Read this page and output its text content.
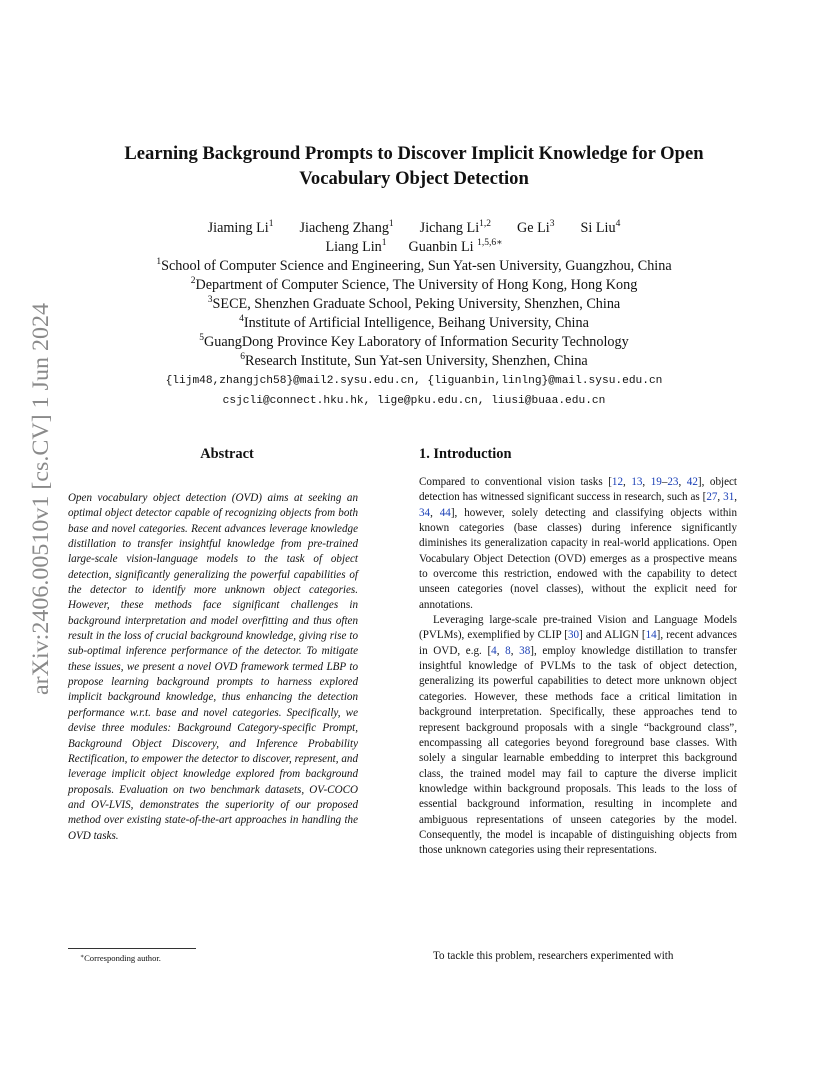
arXiv:2406.00510v1 [cs.CV] 1 Jun 2024
Learning Background Prompts to Discover Implicit Knowledge for Open
Vocabulary Object Detection
Jiaming Li$^1$ Jiacheng Zhang$^1$ Jichang Li$^{1,2}$ Ge Li$^3$ Si Liu$^4$
Liang Lin$^1$ Guanbin Li $^{1,5,6∗}$
$^1$School of Computer Science and Engineering, Sun Yat-sen University, Guangzhou, China
$^2$Department of Computer Science, The University of Hong Kong, Hong Kong
$^3$SECE, Shenzhen Graduate School, Peking University, Shenzhen, China
$^4$Institute of Artificial Intelligence, Beihang University, China
$^5$GuangDong Province Key Laboratory of Information Security Technology
$^6$Research Institute, Sun Yat-sen University, Shenzhen, China
{lijm48,zhangjch58}@mail2.sysu.edu.cn, {liguanbin,linlng}@mail.sysu.edu.cn
csjcli@connect.hku.hk, lige@pku.edu.cn, liusi@buaa.edu.cn
Abstract
Open vocabulary object detection (OVD) aims at seeking an optimal object detector capable of recognizing objects from both base and novel categories. Recent advances leverage knowledge distillation to transfer insightful knowledge from pre-trained large-scale vision-language models to the task of object detection, significantly generalizing the powerful capabilities of the detector to identify more unknown object categories. However, these methods face significant challenges in background interpretation and model overfitting and thus often result in the loss of crucial background knowledge, giving rise to sub-optimal inference performance of the detector. To mitigate these issues, we present a novel OVD framework termed LBP to propose learning background prompts to harness explored implicit background knowledge, thus enhancing the detection performance w.r.t. base and novel categories. Specifically, we devise three modules: Background Category-specific Prompt, Background Object Discovery, and Inference Probability Rectification, to empower the detector to discover, represent, and leverage implicit object knowledge explored from background proposals. Evaluation on two benchmark datasets, OV-COCO and OV-LVIS, demonstrates the superiority of our proposed method over existing state-of-the-art approaches in handling the OVD tasks.
1. Introduction

Compared to conventional vision tasks [12, 13, 19–23, 42], object detection has witnessed significant success in research, such as [27, 31, 34, 44], however, solely detecting and classifying objects within known categories (base classes) during inference significantly diminishes its generalization capacity in real-world applications. Open Vocabulary Object Detection (OVD) emerges as a prospective means to overcome this restriction, endowed with the capability to detect unseen categories (novel classes), without the explicit need for annotations.

Leveraging large-scale pre-trained Vision and Language Models (PVLMs), exemplified by CLIP [30] and ALIGN [14], recent advances in OVD, e.g. [4, 8, 38], employ knowledge distillation to transfer insightful knowledge of PVLMs to the task of object detection, generalizing its powerful capabilities to detect more unknown object categories. However, these methods face a critical limitation in background interpretation. Specifically, these approaches tend to represent background proposals with a single “background class”, encompassing all categories beyond foreground base classes. With solely a singular learnable embedding to interpret this background class, the trained model may fail to capture the diverse implicit knowledge within background proposals. This leads to the loss of essential background information, resulting in incomplete and ambiguous representations of unseen categories by the model. Consequently, the model is incapable of distinguishing objects from those unknown categories using their representations.

To tackle this problem, researchers experimented with

∗Corresponding author.
